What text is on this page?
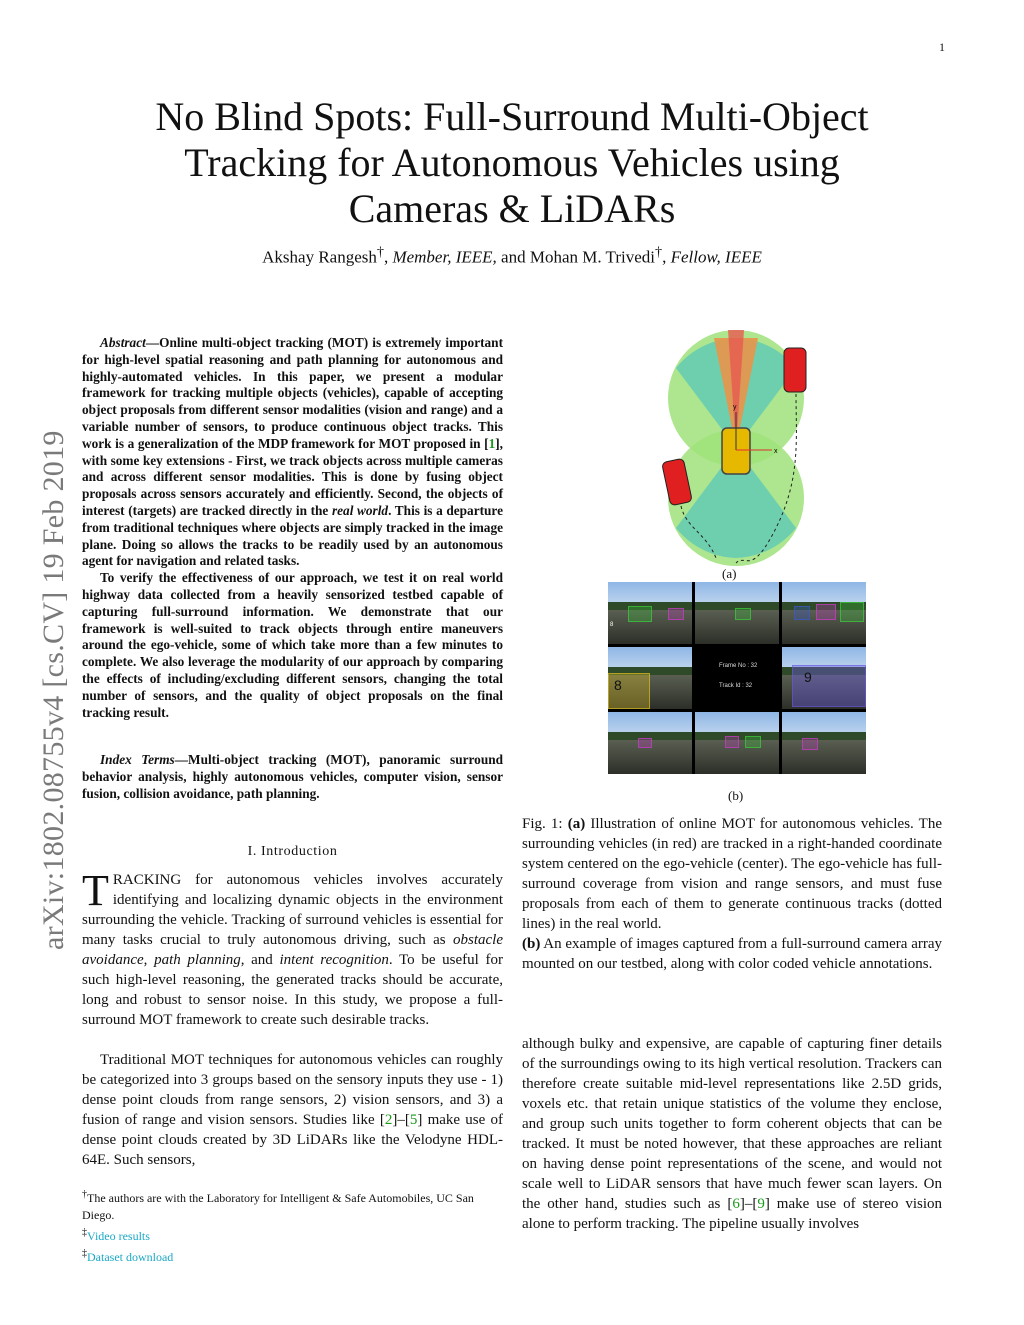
1
arXiv:1802.08755v4 [cs.CV] 19 Feb 2019
No Blind Spots: Full-Surround Multi-Object Tracking for Autonomous Vehicles using Cameras & LiDARs
Akshay Rangesh†, Member, IEEE, and Mohan M. Trivedi†, Fellow, IEEE

Abstract—Online multi-object tracking (MOT) is extremely important for high-level spatial reasoning and path planning for autonomous and highly-automated vehicles. In this paper, we present a modular framework for tracking multiple objects (vehicles), capable of accepting object proposals from different sensor modalities (vision and range) and a variable number of sensors, to produce continuous object tracks. This work is a generalization of the MDP framework for MOT proposed in [1], with some key extensions - First, we track objects across multiple cameras and across different sensor modalities. This is done by fusing object proposals across sensors accurately and efficiently. Second, the objects of interest (targets) are tracked directly in the real world. This is a departure from traditional techniques where objects are simply tracked in the image plane. Doing so allows the tracks to be readily used by an autonomous agent for navigation and related tasks.

To verify the effectiveness of our approach, we test it on real world highway data collected from a heavily sensorized testbed capable of capturing full-surround information. We demonstrate that our framework is well-suited to track objects through entire maneuvers around the ego-vehicle, some of which take more than a few minutes to complete. We also leverage the modularity of our approach by comparing the effects of including/excluding different sensors, changing the total number of sensors, and the quality of object proposals on the final tracking result.

Index Terms—Multi-object tracking (MOT), panoramic surround behavior analysis, highly autonomous vehicles, computer vision, sensor fusion, collision avoidance, path planning.
I. Introduction
TRACKING for autonomous vehicles involves accurately identifying and localizing dynamic objects in the environment surrounding the vehicle. Tracking of surround vehicles is essential for many tasks crucial to truly autonomous driving, such as obstacle avoidance, path planning, and intent recognition. To be useful for such high-level reasoning, the generated tracks should be accurate, long and robust to sensor noise. In this study, we propose a full-surround MOT framework to create such desirable tracks.
Traditional MOT techniques for autonomous vehicles can roughly be categorized into 3 groups based on the sensory inputs they use - 1) dense point clouds from range sensors, 2) vision sensors, and 3) a fusion of range and vision sensors. Studies like [2]–[5] make use of dense point clouds created by 3D LiDARs like the Velodyne HDL-64E. Such sensors,
†The authors are with the Laboratory for Intelligent & Safe Automobiles, UC San Diego.
‡Video results
‡Dataset download
y
x
(a)
8
8
Frame No : 32
Track Id : 32
9
(b)
Fig. 1: (a) Illustration of online MOT for autonomous vehicles. The surrounding vehicles (in red) are tracked in a right-handed coordinate system centered on the ego-vehicle (center). The ego-vehicle has full-surround coverage from vision and range sensors, and must fuse proposals from each of them to generate continuous tracks (dotted lines) in the real world.
(b) An example of images captured from a full-surround camera array mounted on our testbed, along with color coded vehicle annotations.
although bulky and expensive, are capable of capturing finer details of the surroundings owing to its high vertical resolution. Trackers can therefore create suitable mid-level representations like 2.5D grids, voxels etc. that retain unique statistics of the volume they enclose, and group such units together to form coherent objects that can be tracked. It must be noted however, that these approaches are reliant on having dense point representations of the scene, and would not scale well to LiDAR sensors that have much fewer scan layers. On the other hand, studies such as [6]–[9] make use of stereo vision alone to perform tracking. The pipeline usually involves
